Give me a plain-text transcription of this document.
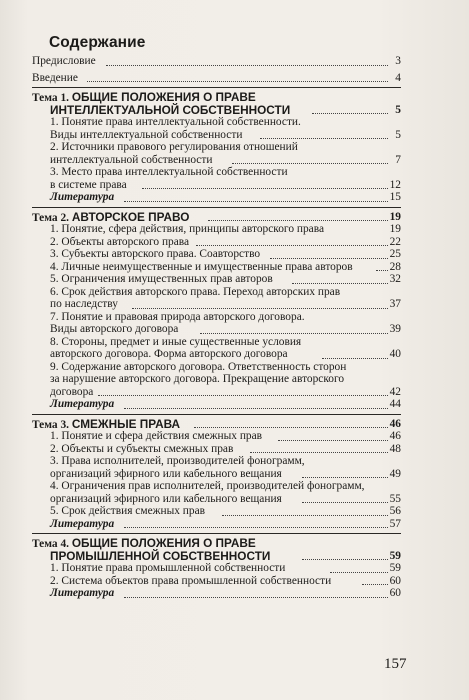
Содержание
Предисловие	3
Введение	4
Тема 1. ОБЩИЕ ПОЛОЖЕНИЯ О ПРАВЕ
ИНТЕЛЛЕКТУАЛЬНОЙ СОБСТВЕННОСТИ	5
1. Понятие права интеллектуальной собственности.
Виды интеллектуальной собственности	5
2. Источники правового регулирования отношений
интеллектуальной собственности	7
3. Место права интеллектуальной собственности
в системе права	12
Литература	15
Тема 2. АВТОРСКОЕ ПРАВО	19
1. Понятие, сфера действия, принципы авторского права	19
2. Объекты авторского права	22
3. Субъекты авторского права. Соавторство	25
4. Личные неимущественные и имущественные права авторов	28
5. Ограничения имущественных прав авторов	32
6. Срок действия авторского права. Переход авторских прав
по наследству	37
7. Понятие и правовая природа авторского договора.
Виды авторского договора	39
8. Стороны, предмет и иные существенные условия
авторского договора. Форма авторского договора	40
9. Содержание авторского договора. Ответственность сторон
за нарушение авторского договора. Прекращение авторского
договора	42
Литература	44
Тема 3. СМЕЖНЫЕ ПРАВА	46
1. Понятие и сфера действия смежных прав	46
2. Объекты и субъекты смежных прав	48
3. Права исполнителей, производителей фонограмм,
организаций эфирного или кабельного вещания	49
4. Ограничения прав исполнителей, производителей фонограмм,
организаций эфирного или кабельного вещания	55
5. Срок действия смежных прав	56
Литература	57
Тема 4. ОБЩИЕ ПОЛОЖЕНИЯ О ПРАВЕ
ПРОМЫШЛЕННОЙ СОБСТВЕННОСТИ	59
1. Понятие права промышленной собственности	59
2. Система объектов права промышленной собственности	60
Литература	60
157
